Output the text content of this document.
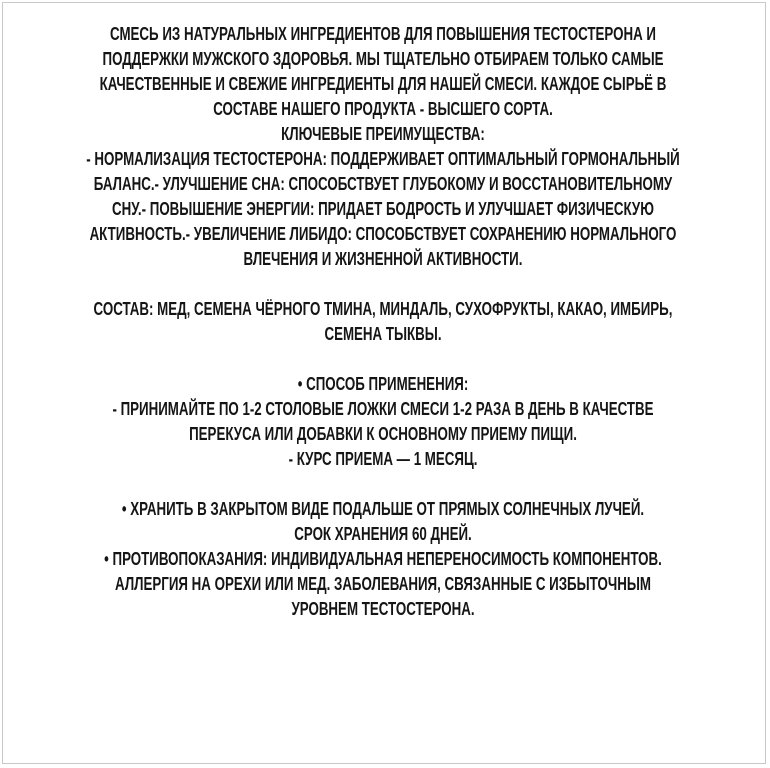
СМЕСЬ ИЗ НАТУРАЛЬНЫХ ИНГРЕДИЕНТОВ ДЛЯ ПОВЫШЕНИЯ ТЕСТОСТЕРОНА И
ПОДДЕРЖКИ МУЖСКОГО ЗДОРОВЬЯ. МЫ ТЩАТЕЛЬНО ОТБИРАЕМ ТОЛЬКО САМЫЕ
КАЧЕСТВЕННЫЕ И СВЕЖИЕ ИНГРЕДИЕНТЫ ДЛЯ НАШЕЙ СМЕСИ. КАЖДОЕ СЫРЬЁ В
СОСТАВЕ НАШЕГО ПРОДУКТА - ВЫСШЕГО СОРТА.
КЛЮЧЕВЫЕ ПРЕИМУЩЕСТВА:
- НОРМАЛИЗАЦИЯ ТЕСТОСТЕРОНА: ПОДДЕРЖИВАЕТ ОПТИМАЛЬНЫЙ ГОРМОНАЛЬНЫЙ
БАЛАНС.- УЛУЧШЕНИЕ СНА: СПОСОБСТВУЕТ ГЛУБОКОМУ И ВОССТАНОВИТЕЛЬНОМУ
СНУ.- ПОВЫШЕНИЕ ЭНЕРГИИ: ПРИДАЕТ БОДРОСТЬ И УЛУЧШАЕТ ФИЗИЧЕСКУЮ
АКТИВНОСТЬ.- УВЕЛИЧЕНИЕ ЛИБИДО: СПОСОБСТВУЕТ СОХРАНЕНИЮ НОРМАЛЬНОГО
ВЛЕЧЕНИЯ И ЖИЗНЕННОЙ АКТИВНОСТИ.
СОСТАВ: МЕД, СЕМЕНА ЧЁРНОГО ТМИНА, МИНДАЛЬ, СУХОФРУКТЫ, КАКАО, ИМБИРЬ,
СЕМЕНА ТЫКВЫ.
• СПОСОБ ПРИМЕНЕНИЯ:
- ПРИНИМАЙТЕ ПО 1-2 СТОЛОВЫЕ ЛОЖКИ СМЕСИ 1-2 РАЗА В ДЕНЬ В КАЧЕСТВЕ
ПЕРЕКУСА ИЛИ ДОБАВКИ К ОСНОВНОМУ ПРИЕМУ ПИЩИ.
- КУРС ПРИЕМА — 1 МЕСЯЦ.
• ХРАНИТЬ В ЗАКРЫТОМ ВИДЕ ПОДАЛЬШЕ ОТ ПРЯМЫХ СОЛНЕЧНЫХ ЛУЧЕЙ.
СРОК ХРАНЕНИЯ 60 ДНЕЙ.
• ПРОТИВОПОКАЗАНИЯ: ИНДИВИДУАЛЬНАЯ НЕПЕРЕНОСИМОСТЬ КОМПОНЕНТОВ.
АЛЛЕРГИЯ НА ОРЕХИ ИЛИ МЕД. ЗАБОЛЕВАНИЯ, СВЯЗАННЫЕ С ИЗБЫТОЧНЫМ
УРОВНЕМ ТЕСТОСТЕРОНА.
